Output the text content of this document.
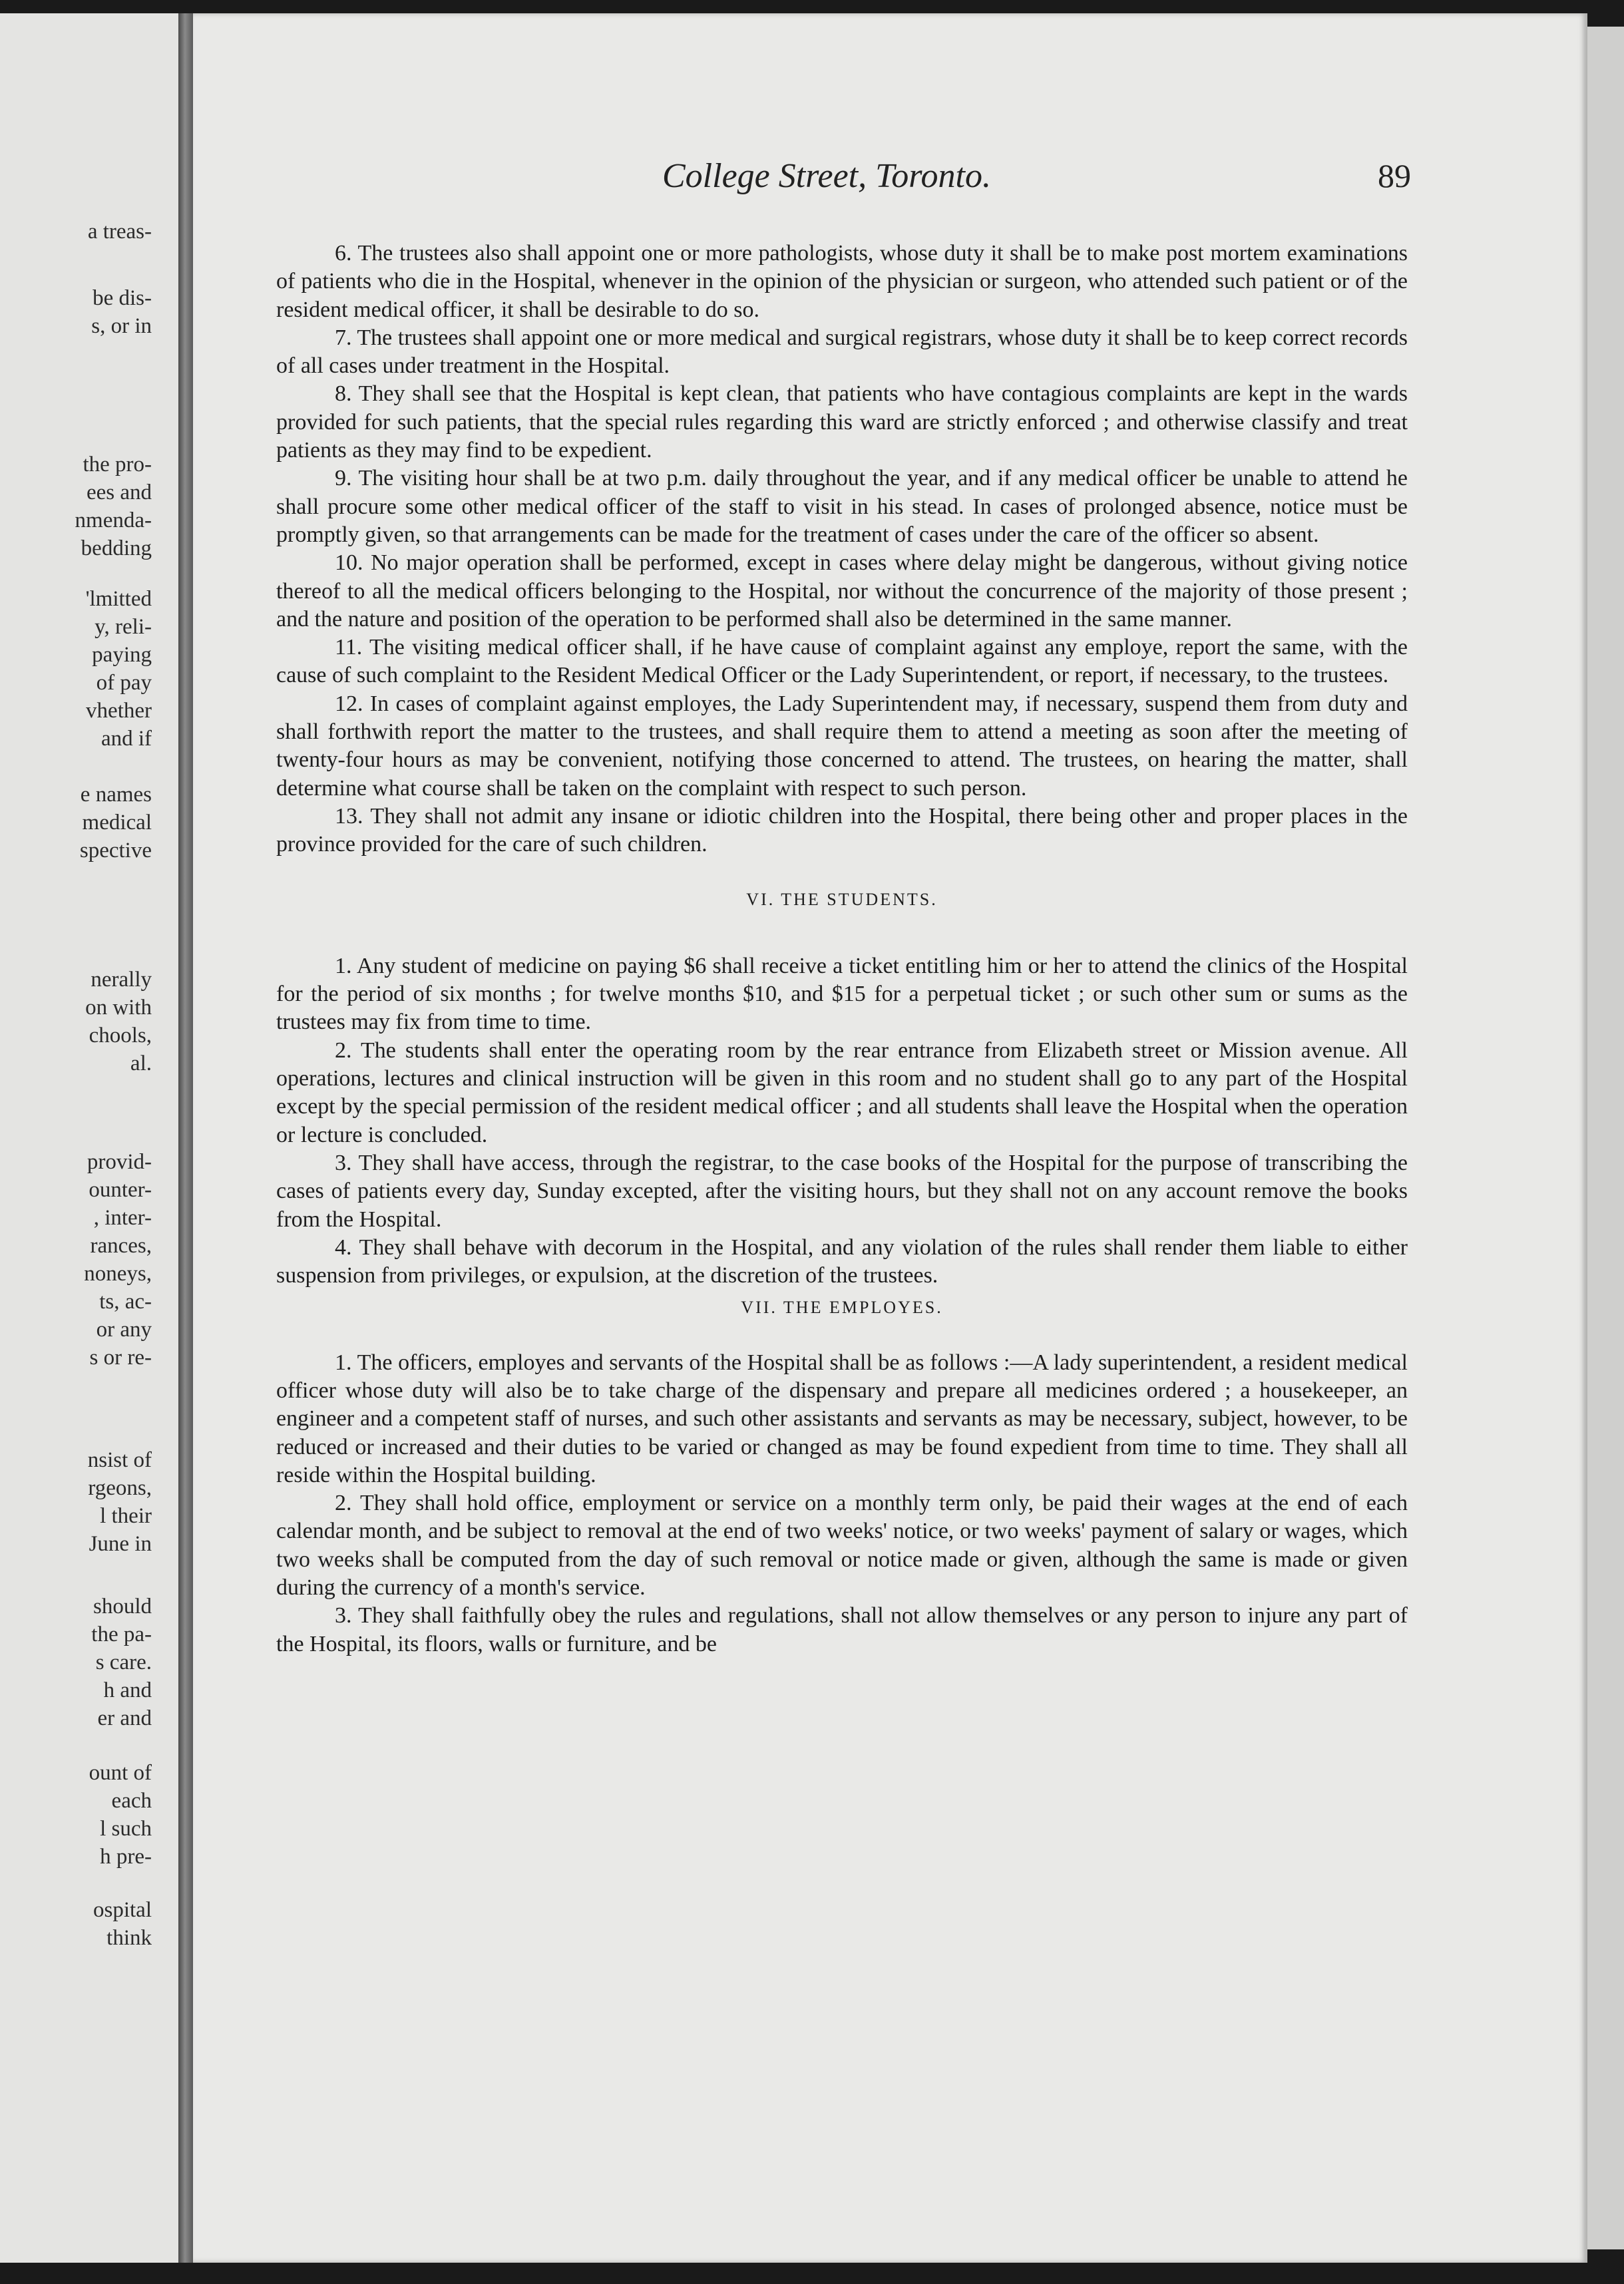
a treas-
be dis-
s, or in
the pro-
ees and
nmenda-
bedding
'lmitted
y, reli-
paying
of pay
vhether
and if
e names
medical
spective
nerally
on with
chools,
al.
provid-
ounter-
, inter-
rances,
noneys,
ts, ac-
or any
s or re-
nsist of
rgeons,
l their
June in
should
the pa-
s care.
h and
er and
ount of
each
l such
h pre-
ospital
think
College Street, Toronto.	89

6. The trustees also shall appoint one or more pathologists, whose duty it shall be to make post mortem examinations of patients who die in the Hospital, whenever in the opinion of the physician or surgeon, who attended such patient or of the resident medical officer, it shall be desirable to do so.

7. The trustees shall appoint one or more medical and surgical registrars, whose duty it shall be to keep correct records of all cases under treatment in the Hospital.

8. They shall see that the Hospital is kept clean, that patients who have contagious complaints are kept in the wards provided for such patients, that the special rules regarding this ward are strictly enforced ; and otherwise classify and treat patients as they may find to be expedient.

9. The visiting hour shall be at two p.m. daily throughout the year, and if any medical officer be unable to attend he shall procure some other medical officer of the staff to visit in his stead. In cases of prolonged absence, notice must be promptly given, so that arrangements can be made for the treatment of cases under the care of the officer so absent.

10. No major operation shall be performed, except in cases where delay might be dangerous, without giving notice thereof to all the medical officers belonging to the Hospital, nor without the concurrence of the majority of those present ; and the nature and position of the operation to be performed shall also be determined in the same manner.

11. The visiting medical officer shall, if he have cause of complaint against any employe, report the same, with the cause of such complaint to the Resident Medical Officer or the Lady Superintendent, or report, if necessary, to the trustees.

12. In cases of complaint against employes, the Lady Superintendent may, if necessary, suspend them from duty and shall forthwith report the matter to the trustees, and shall require them to attend a meeting as soon after the meeting of twenty-four hours as may be convenient, notifying those concerned to attend. The trustees, on hearing the matter, shall determine what course shall be taken on the complaint with respect to such person.

13. They shall not admit any insane or idiotic children into the Hospital, there being other and proper places in the province provided for the care of such children.

VI. THE STUDENTS.

1. Any student of medicine on paying $6 shall receive a ticket entitling him or her to attend the clinics of the Hospital for the period of six months ; for twelve months $10, and $15 for a perpetual ticket ; or such other sum or sums as the trustees may fix from time to time.

2. The students shall enter the operating room by the rear entrance from Elizabeth street or Mission avenue. All operations, lectures and clinical instruction will be given in this room and no student shall go to any part of the Hospital except by the special permission of the resident medical officer ; and all students shall leave the Hospital when the operation or lecture is concluded.

3. They shall have access, through the registrar, to the case books of the Hospital for the purpose of transcribing the cases of patients every day, Sunday excepted, after the visiting hours, but they shall not on any account remove the books from the Hospital.

4. They shall behave with decorum in the Hospital, and any violation of the rules shall render them liable to either suspension from privileges, or expulsion, at the discretion of the trustees.

VII. THE EMPLOYES.

1. The officers, employes and servants of the Hospital shall be as follows :—A lady superintendent, a resident medical officer whose duty will also be to take charge of the dispensary and prepare all medicines ordered ; a housekeeper, an engineer and a competent staff of nurses, and such other assistants and servants as may be necessary, subject, however, to be reduced or increased and their duties to be varied or changed as may be found expedient from time to time. They shall all reside within the Hospital building.

2. They shall hold office, employment or service on a monthly term only, be paid their wages at the end of each calendar month, and be subject to removal at the end of two weeks' notice, or two weeks' payment of salary or wages, which two weeks shall be computed from the day of such removal or notice made or given, although the same is made or given during the currency of a month's service.

3. They shall faithfully obey the rules and regulations, shall not allow themselves or any person to injure any part of the Hospital, its floors, walls or furniture, and be
